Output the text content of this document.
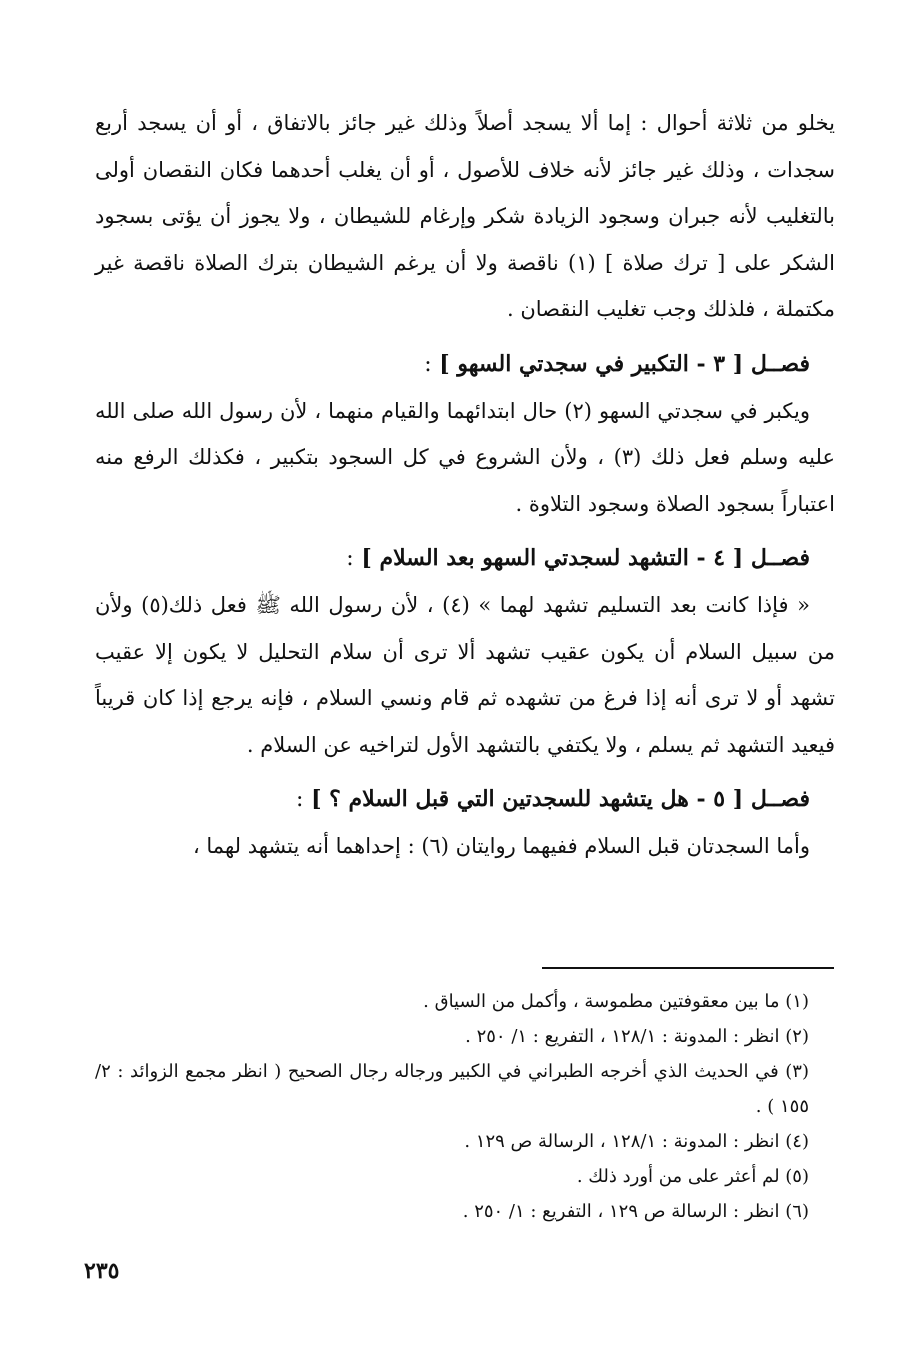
يخلو من ثلاثة أحوال : إما ألا يسجد أصلاً وذلك غير جائز بالاتفاق ، أو أن يسجد أربع سجدات ، وذلك غير جائز لأنه خلاف للأصول ، أو أن يغلب أحدهما فكان النقصان أولى بالتغليب لأنه جبران وسجود الزيادة شكر وإرغام للشيطان ، ولا يجوز أن يؤتى بسجود الشكر على [ ترك صلاة ] (١) ناقصة ولا أن يرغم الشيطان بترك الصلاة ناقصة غير مكتملة ، فلذلك وجب تغليب النقصان .

فصــل [ ٣ - التكبير في سجدتي السهو ] :

ويكبر في سجدتي السهو (٢) حال ابتدائهما والقيام منهما ، لأن رسول الله صلى الله عليه وسلم فعل ذلك (٣) ، ولأن الشروع في كل السجود بتكبير ، فكذلك الرفع منه اعتباراً بسجود الصلاة وسجود التلاوة .

فصــل [ ٤ - التشهد لسجدتي السهو بعد السلام ] :

« فإذا كانت بعد التسليم تشهد لهما » (٤) ، لأن رسول الله ﷺ فعل ذلك(٥) ولأن من سبيل السلام أن يكون عقيب تشهد ألا ترى أن سلام التحليل لا يكون إلا عقيب تشهد أو لا ترى أنه إذا فرغ من تشهده ثم قام ونسي السلام ، فإنه يرجع إذا كان قريباً فيعيد التشهد ثم يسلم ، ولا يكتفي بالتشهد الأول لتراخيه عن السلام .

فصــل [ ٥ - هل يتشهد للسجدتين التي قبل السلام ؟ ] :

وأما السجدتان قبل السلام ففيهما روايتان (٦) : إحداهما أنه يتشهد لهما ،

(١) ما بين معقوفتين مطموسة ، وأكمل من السياق .

(٢) انظر : المدونة : ١٢٨/١ ، التفريع : ١/ ٢٥٠ .

(٣) في الحديث الذي أخرجه الطبراني في الكبير ورجاله رجال الصحيح ( انظر مجمع الزوائد : ٢/ ١٥٥ ) .

(٤) انظر : المدونة : ١٢٨/١ ، الرسالة ص ١٢٩ .

(٥) لم أعثر على من أورد ذلك .

(٦) انظر : الرسالة ص ١٢٩ ، التفريع : ١/ ٢٥٠ .

٢٣٥
